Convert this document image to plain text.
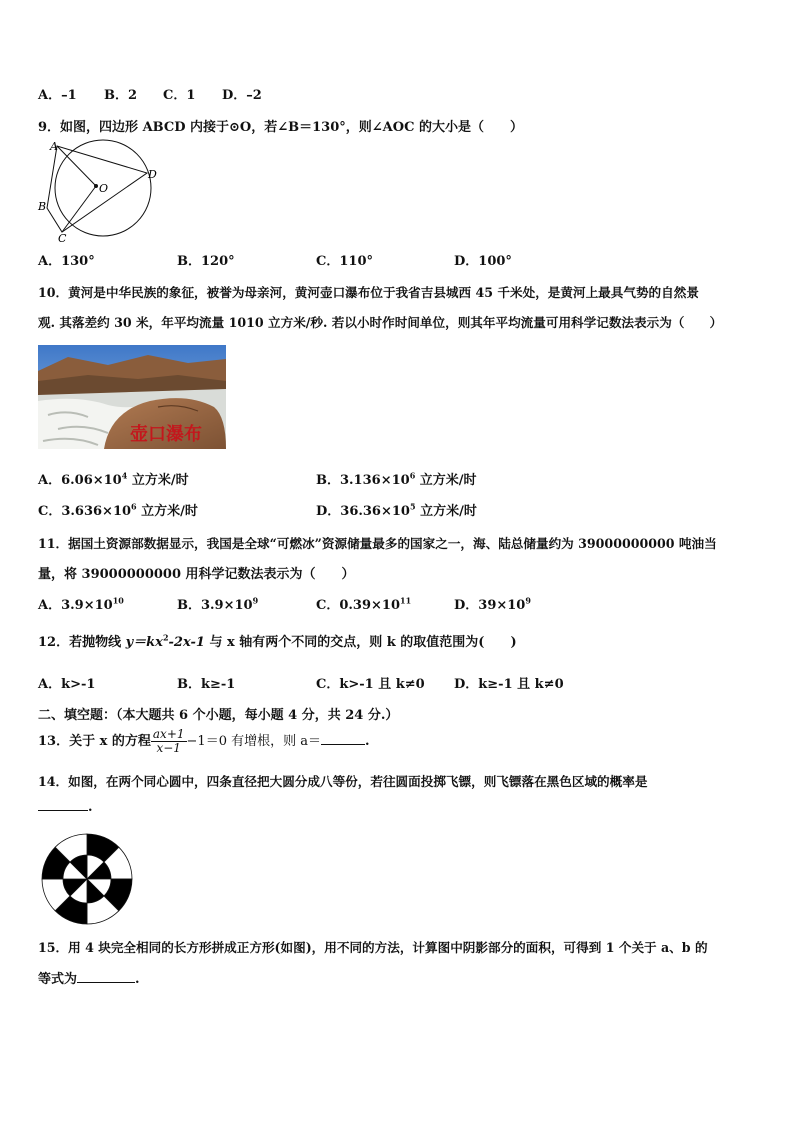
A．–1 B．2 C．1 D．–2
9．如图，四边形 ABCD 内接于⊙O，若∠B＝130°，则∠AOC 的大小是（　　）
A
B
C
D
O
A．130°	B．120°	C．110°	D．100°
10．黄河是中华民族的象征，被誉为母亲河，黄河壶口瀑布位于我省吉县城西 45 千米处，是黄河上最具气势的自然景
观. 其落差约 30 米，年平均流量 1010 立方米/秒. 若以小时作时间单位，则其年平均流量可用科学记数法表示为（　　）
壶口瀑布
A．$6.06\times 10^4$ 立方米/时	B．$3.136\times 10^6$ 立方米/时
C．$3.636\times 10^6$ 立方米/时	D．$36.36\times 10^5$ 立方米/时
11．据国土资源部数据显示，我国是全球“可燃冰”资源储量最多的国家之一，海、陆总储量约为 39000000000 吨油当
量，将 39000000000 用科学记数法表示为（　　）
A．$3.9\times 10^{10}$	B．$3.9\times 10^9$	C．$0.39\times 10^{11}$	D．$39\times 10^9$
12．若抛物线 $y=kx^2-2x-1$ 与 x 轴有两个不同的交点，则 k 的取值范围为(　　)
A．k>-1	B．k≥-1	C．k>-1 且 k≠0 D．k≥-1 且 k≠0
二、填空题：（本大题共 6 个小题，每小题 4 分，共 24 分.）
13．关于 x 的方程 $\frac{ax+1}{x-1} -1=0$ 有增根，则 a＝	.
14．如图，在两个同心圆中，四条直径把大圆分成八等份，若往圆面投掷飞镖，则飞镖落在黑色区域的概率是
.
15．用 4 块完全相同的长方形拼成正方形(如图)，用不同的方法，计算图中阴影部分的面积，可得到 1 个关于 a、b 的
等式为	.
